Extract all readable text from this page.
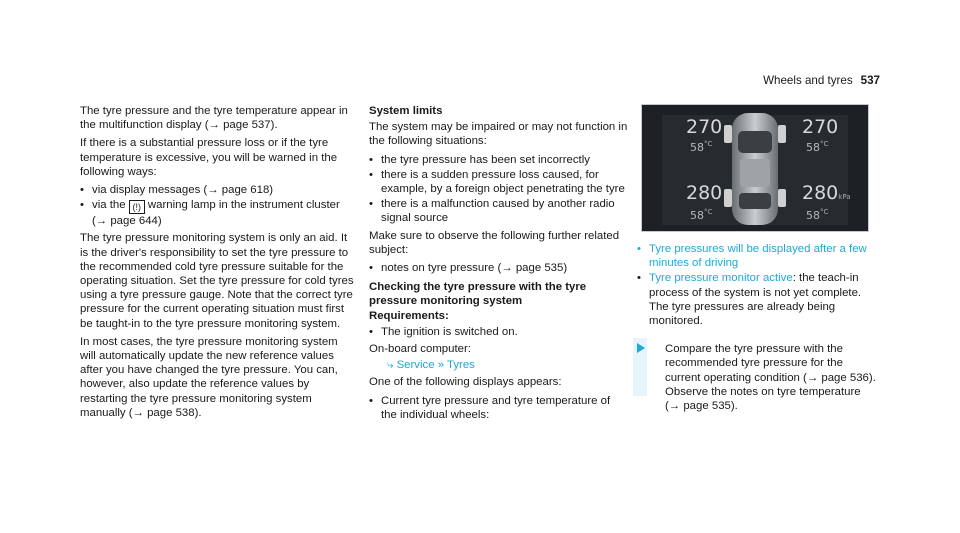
Wheels and tyres 537

The tyre pressure and the tyre temperature appear in the multifunction display (→ page 537).

If there is a substantial pressure loss or if the tyre temperature is excessive, you will be warned in the following ways:

• via display messages (→ page 618)
• via the (!) warning lamp in the instrument cluster (→ page 644)

The tyre pressure monitoring system is only an aid. It is the driver's responsibility to set the tyre pressure to the recommended cold tyre pressure suitable for the operating situation. Set the tyre pressure for cold tyres using a tyre pressure gauge. Note that the correct tyre pressure for the current operating situation must first be taught-in to the tyre pressure monitoring system.

In most cases, the tyre pressure monitoring system will automatically update the new reference values after you have changed the tyre pressure. You can, however, also update the reference values by restarting the tyre pressure monitoring system manually (→ page 538).

System limits

The system may be impaired or may not function in the following situations:

• the tyre pressure has been set incorrectly
• there is a sudden pressure loss caused, for example, by a foreign object penetrating the tyre
• there is a malfunction caused by another radio signal source

Make sure to observe the following further related subject:

• notes on tyre pressure (→ page 535)
Checking the tyre pressure with the tyre pressure monitoring system
Requirements:
• The ignition is switched on.

On-board computer:

⤷ Service » Tyres

One of the following displays appears:

• Current tyre pressure and tyre temperature of the individual wheels:
270	270
$58^{^\circ C}$	$58^{^\circ C}$
280	280kPa
$58^{^\circ C}$	$58^{^\circ C}$
• Tyre pressures will be displayed after a few minutes of driving
• Tyre pressure monitor active: the teach-in process of the system is not yet complete. The tyre pressures are already being monitored.
Compare the tyre pressure with the recommended tyre pressure for the current operating condition (→ page 536). Observe the notes on tyre temperature (→ page 535).
